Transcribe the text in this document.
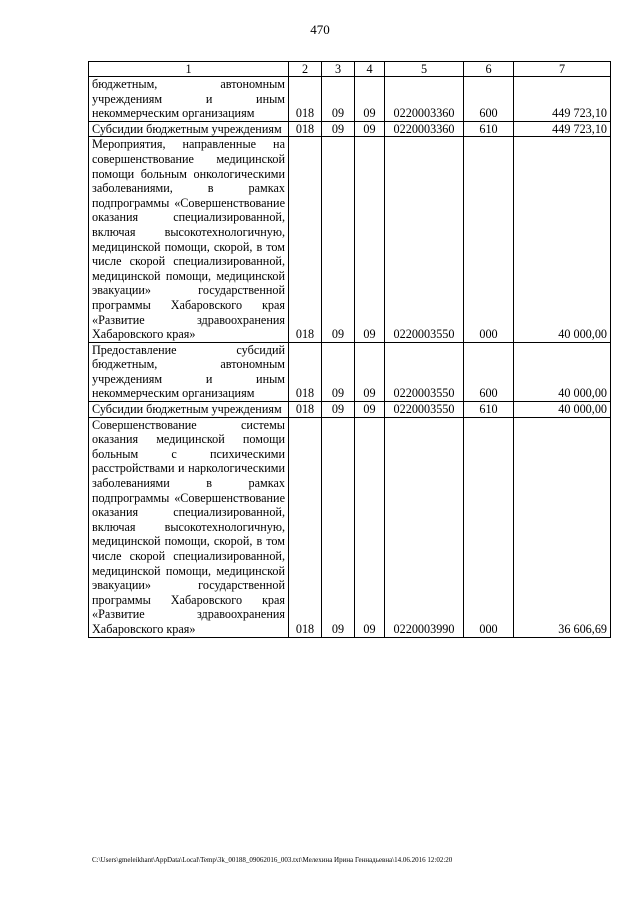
470
1	2	3	4	5	6	7
бюджетным, автономным учреждениям и иным некоммерческим организациям	018	09	09	0220003360	600	449 723,10
Субсидии бюджетным учреждениям	018	09	09	0220003360	610	449 723,10
Мероприятия, направленные на совершенствование медицинской помощи больным онкологическими заболеваниями, в рамках подпрограммы «Совершенствование оказания специализированной, включая высокотехнологичную, медицинской помощи, скорой, в том числе скорой специализированной, медицинской помощи, медицинской эвакуации» государственной программы Хабаровского края «Развитие здравоохранения Хабаровского края»	018	09	09	0220003550	000	40 000,00
Предоставление субсидий бюджетным, автономным учреждениям и иным некоммерческим организациям	018	09	09	0220003550	600	40 000,00
Субсидии бюджетным учреждениям	018	09	09	0220003550	610	40 000,00
Совершенствование системы оказания медицинской помощи больным с психическими расстройствами и наркологическими заболеваниями в рамках подпрограммы «Совершенствование оказания специализированной, включая высокотехнологичную, медицинской помощи, скорой, в том числе скорой специализированной, медицинской помощи, медицинской эвакуации» государственной программы Хабаровского края «Развитие здравоохранения Хабаровского края»	018	09	09	0220003990	000	36 606,69
C:\Users\gmeleikhant\AppData\Local\Temp\3k_00188_09062016_003.txt\Мелехина Ирина Геннадьевна\14.06.2016 12:02:20
